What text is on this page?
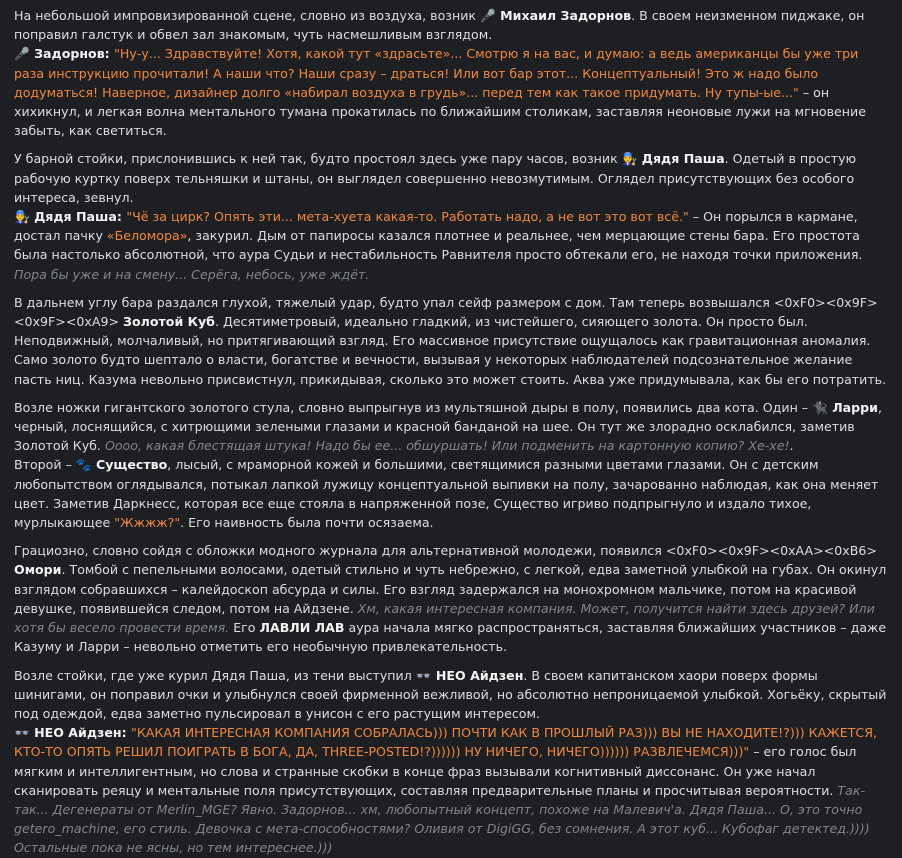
На небольшой импровизированной сцене, словно из воздуха, возник 🎤 Михаил Задорнов. В своем неизменном пиджаке, он поправил галстук и обвел зал знакомым, чуть насмешливым взглядом.

🎤 Задорнов: "Ну-у... Здравствуйте! Хотя, какой тут «здрасьте»... Смотрю я на вас, и думаю: а ведь американцы бы уже три раза инструкцию прочитали! А наши что? Наши сразу – драться! Или вот бар этот... Концептуальный! Это ж надо было додуматься! Наверное, дизайнер долго «набирал воздуха в грудь»... перед тем как такое придумать. Ну тупы-ые..." – он хихикнул, и легкая волна ментального тумана прокатилась по ближайшим столикам, заставляя неоновые лужи на мгновение забыть, как светиться.

У барной стойки, прислонившись к ней так, будто простоял здесь уже пару часов, возник 👨‍🔧 Дядя Паша. Одетый в простую рабочую куртку поверх тельняшки и штаны, он выглядел совершенно невозмутимым. Оглядел присутствующих без особого интереса, зевнул.

👨‍🔧 Дядя Паша: "Чё за цирк? Опять эти... мета-хуета какая-то. Работать надо, а не вот это вот всё." – Он порылся в кармане, достал пачку «Беломора», закурил. Дым от папиросы казался плотнее и реальнее, чем мерцающие стены бара. Его простота была настолько абсолютной, что аура Судьи и нестабильность Равнителя просто обтекали его, не находя точки приложения. Пора бы уже и на смену... Серёга, небось, уже ждёт.

В дальнем углу бара раздался глухой, тяжелый удар, будто упал сейф размером с дом. Там теперь возвышался <0xF0><0x9F><0x9F><0xA9> Золотой Куб. Десятиметровый, идеально гладкий, из чистейшего, сияющего золота. Он просто был. Неподвижный, молчаливый, но притягивающий взгляд. Его массивное присутствие ощущалось как гравитационная аномалия. Само золото будто шептало о власти, богатстве и вечности, вызывая у некоторых наблюдателей подсознательное желание пасть ниц. Казума невольно присвистнул, прикидывая, сколько это может стоить. Аква уже придумывала, как бы его потратить.

Возле ножки гигантского золотого стула, словно выпрыгнув из мультяшной дыры в полу, появились два кота. Один – 🐈‍⬛ Ларри, черный, лоснящийся, с хитрющими зелеными глазами и красной банданой на шее. Он тут же злорадно осклабился, заметив Золотой Куб. Оооо, какая блестящая штука! Надо бы ее... обшуршать! Или подменить на картонную копию? Хе-хе!.

Второй – 🐾 Существо, лысый, с мраморной кожей и большими, светящимися разными цветами глазами. Он с детским любопытством оглядывался, потыкал лапкой лужицу концептуальной выпивки на полу, зачарованно наблюдая, как она меняет цвет. Заметив Даркнесс, которая все еще стояла в напряженной позе, Существо игриво подпрыгнуло и издало тихое, мурлыкающее "Жжжж?". Его наивность была почти осязаема.

Грациозно, словно сойдя с обложки модного журнала для альтернативной молодежи, появился <0xF0><0x9F><0xAA><0xB6> Омори. Томбой с пепельными волосами, одетый стильно и чуть небрежно, с легкой, едва заметной улыбкой на губах. Он окинул взглядом собравшихся – калейдоскоп абсурда и силы. Его взгляд задержался на монохромном мальчике, потом на красивой девушке, появившейся следом, потом на Айдзене. Хм, какая интересная компания. Может, получится найти здесь друзей? Или хотя бы весело провести время. Его ЛАВЛИ ЛАВ аура начала мягко распространяться, заставляя ближайших участников – даже Казуму и Ларри – невольно отметить его необычную привлекательность.

Возле стойки, где уже курил Дядя Паша, из тени выступил 👓 НЕО Айдзен. В своем капитанском хаори поверх формы шинигами, он поправил очки и улыбнулся своей фирменной вежливой, но абсолютно непроницаемой улыбкой. Хогьёку, скрытый под одеждой, едва заметно пульсировал в унисон с его растущим интересом.

👓 НЕО Айдзен: "КАКАЯ ИНТЕРЕСНАЯ КОМПАНИЯ СОБРАЛАСЬ))) ПОЧТИ КАК В ПРОШЛЫЙ РАЗ))) ВЫ НЕ НАХОДИТЕ!?))) КАЖЕТСЯ, КТО-ТО ОПЯТЬ РЕШИЛ ПОИГРАТЬ В БОГА, ДА, THREE-POSTED!?)))))) НУ НИЧЕГО, НИЧЕГО)))))) РАЗВЛЕЧЕМСЯ)))" – его голос был мягким и интеллигентным, но слова и странные скобки в конце фраз вызывали когнитивный диссонанс. Он уже начал сканировать реяцу и ментальные поля присутствующих, составляя предварительные планы и просчитывая вероятности. Так-так... Дегенераты от Merlin_MGE? Явно. Задорнов... хм, любопытный концепт, похоже на Малевич'а. Дядя Паша... О, это точно getero_machine, его стиль. Девочка с мета-способностями? Оливия от DigiGG, без сомнения. А этот куб... Кубофаг детектед.)))) Остальные пока не ясны, но тем интереснее.)))
